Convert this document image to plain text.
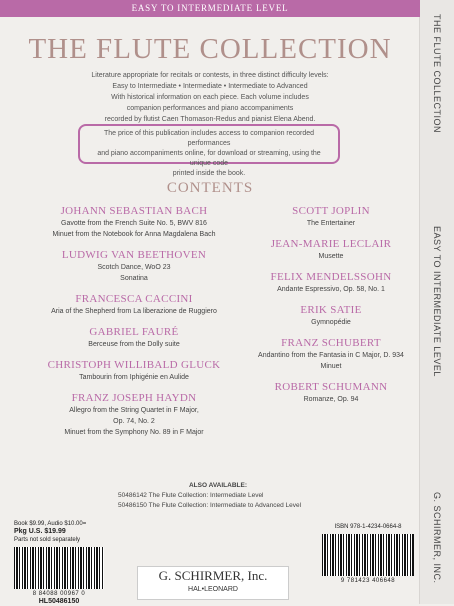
THE FLUTE COLLECTION
EASY TO INTERMEDIATE LEVEL
G. SCHIRMER, INC.
EASY TO INTERMEDIATE LEVEL
THE FLUTE COLLECTION
Literature appropriate for recitals or contests, in three distinct difficulty levels:
Easy to Intermediate • Intermediate • Intermediate to Advanced
With historical information on each piece. Each volume includes
companion performances and piano accompaniments
recorded by flutist Caen Thomason-Redus and pianist Elena Abend.
The price of this publication includes access to companion recorded performances
and piano accompaniments online, for download or streaming, using the unique code
printed inside the book.
CONTENTS
JOHANN SEBASTIAN BACH
Gavotte from the French Suite No. 5, BWV 816
Minuet from the Notebook for Anna Magdalena Bach
LUDWIG VAN BEETHOVEN
Scotch Dance, WoO 23
Sonatina
FRANCESCA CACCINI
Aria of the Shepherd from La liberazione de Ruggiero
GABRIEL FAURÉ
Berceuse from the Dolly suite
CHRISTOPH WILLIBALD GLUCK
Tambourin from Iphigénie en Aulide
FRANZ JOSEPH HAYDN
Allegro from the String Quartet in F Major,
Op. 74, No. 2
Minuet from the Symphony No. 89 in F Major
SCOTT JOPLIN
The Entertainer
JEAN-MARIE LECLAIR
Musette
FELIX MENDELSSOHN
Andante Espressivo, Op. 58, No. 1
ERIK SATIE
Gymnopédie
FRANZ SCHUBERT
Andantino from the Fantasia in C Major, D. 934
Minuet
ROBERT SCHUMANN
Romanze, Op. 94
ALSO AVAILABLE:
50486142 The Flute Collection: Intermediate Level
50486150 The Flute Collection: Intermediate to Advanced Level
Book $9.99, Audio $10.00=
Pkg U.S. $19.99
Parts not sold separately
8 84088 00967 0
HL50486150
G. SCHIRMER, Inc.
HAL•LEONARD
ISBN 978-1-4234-0664-8
9 781423 406648
